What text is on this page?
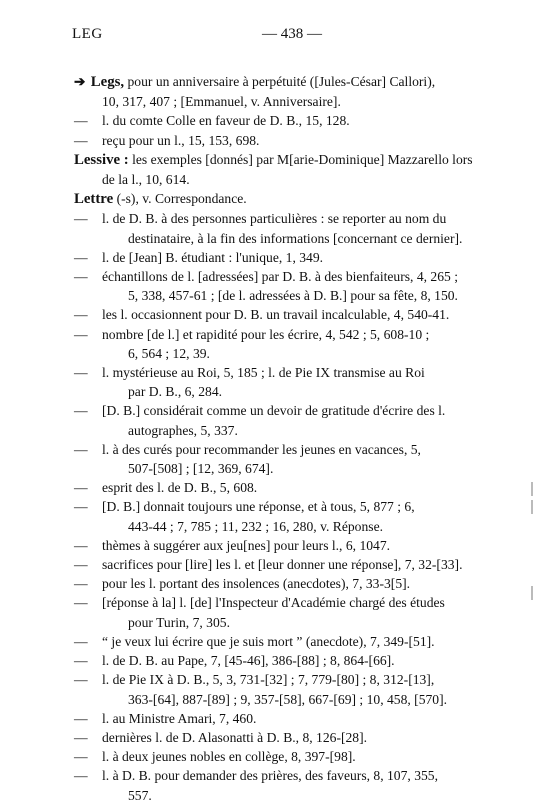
LEG	— 438 —

➔ Legs, pour un anniversaire à perpétuité ([Jules-César] Callori),
10, 317, 407 ; [Emmanuel, v. Anniversaire].

—	l. du comte Colle en faveur de D. B., 15, 128.

—	reçu pour un l., 15, 153, 698.

Lessive : les exemples [donnés] par M[arie-Dominique] Mazzarello lors
de la l., 10, 614.

Lettre (-s), v. Correspondance.

—	l. de D. B. à des personnes particulières : se reporter au nom du
destinataire, à la fin des informations [concernant ce dernier].

—	l. de [Jean] B. étudiant : l'unique, 1, 349.

—	échantillons de l. [adressées] par D. B. à des bienfaiteurs, 4, 265 ;
5, 338, 457-61 ; [de l. adressées à D. B.] pour sa fête, 8, 150.

—	les l. occasionnent pour D. B. un travail incalculable, 4, 540-41.

—	nombre [de l.] et rapidité pour les écrire, 4, 542 ; 5, 608-10 ;
6, 564 ; 12, 39.

—	l. mystérieuse au Roi, 5, 185 ; l. de Pie IX transmise au Roi
par D. B., 6, 284.

—	[D. B.] considérait comme un devoir de gratitude d'écrire des l.
autographes, 5, 337.

—	l. à des curés pour recommander les jeunes en vacances, 5,
507-[508] ; [12, 369, 674].

—	esprit des l. de D. B., 5, 608.

—	[D. B.] donnait toujours une réponse, et à tous, 5, 877 ; 6,
443-44 ; 7, 785 ; 11, 232 ; 16, 280, v. Réponse.

—	thèmes à suggérer aux jeu[nes] pour leurs l., 6, 1047.

—	sacrifices pour [lire] les l. et [leur donner une réponse], 7, 32-[33].

—	pour les l. portant des insolences (anecdotes), 7, 33-3[5].

—	[réponse à la] l. [de] l'Inspecteur d'Académie chargé des études
pour Turin, 7, 305.

—	“ je veux lui écrire que je suis mort ” (anecdote), 7, 349-[51].

—	l. de D. B. au Pape, 7, [45-46], 386-[88] ; 8, 864-[66].

—	l. de Pie IX à D. B., 5, 3, 731-[32] ; 7, 779-[80] ; 8, 312-[13],
363-[64], 887-[89] ; 9, 357-[58], 667-[69] ; 10, 458, [570].

—	l. au Ministre Amari, 7, 460.

—	dernières l. de D. Alasonatti à D. B., 8, 126-[28].

—	l. à deux jeunes nobles en collège, 8, 397-[98].

—	l. à D. B. pour demander des prières, des faveurs, 8, 107, 355,
557.
